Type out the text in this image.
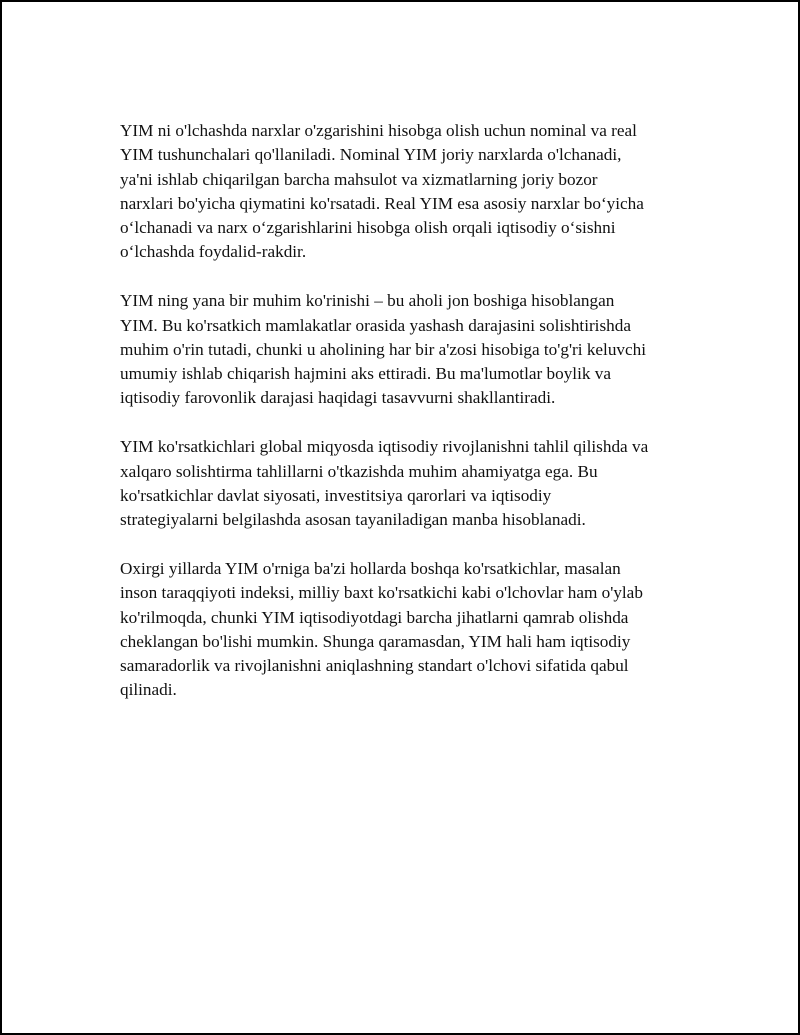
YIM ni o'lchashda narxlar o'zgarishini hisobga olish uchun nominal va real
YIM tushunchalari qo'llaniladi. Nominal YIM joriy narxlarda o'lchanadi,
ya'ni ishlab chiqarilgan barcha mahsulot va xizmatlarning joriy bozor
narxlari bo'yicha qiymatini ko'rsatadi. Real YIM esa asosiy narxlar bo‘yicha
o‘lchanadi va narx o‘zgarishlarini hisobga olish orqali iqtisodiy o‘sishni
o‘lchashda foydalid-rakdir.

YIM ning yana bir muhim ko'rinishi – bu aholi jon boshiga hisoblangan
YIM. Bu ko'rsatkich mamlakatlar orasida yashash darajasini solishtirishda
muhim o'rin tutadi, chunki u aholining har bir a'zosi hisobiga to'g'ri keluvchi
umumiy ishlab chiqarish hajmini aks ettiradi. Bu ma'lumotlar boylik va
iqtisodiy farovonlik darajasi haqidagi tasavvurni shakllantiradi.

YIM ko'rsatkichlari global miqyosda iqtisodiy rivojlanishni tahlil qilishda va
xalqaro solishtirma tahlillarni o'tkazishda muhim ahamiyatga ega. Bu
ko'rsatkichlar davlat siyosati, investitsiya qarorlari va iqtisodiy
strategiyalarni belgilashda asosan tayaniladigan manba hisoblanadi.

Oxirgi yillarda YIM o'rniga ba'zi hollarda boshqa ko'rsatkichlar, masalan
inson taraqqiyoti indeksi, milliy baxt ko'rsatkichi kabi o'lchovlar ham o'ylab
ko'rilmoqda, chunki YIM iqtisodiyotdagi barcha jihatlarni qamrab olishda
cheklangan bo'lishi mumkin. Shunga qaramasdan, YIM hali ham iqtisodiy
samaradorlik va rivojlanishni aniqlashning standart o'lchovi sifatida qabul
qilinadi.
